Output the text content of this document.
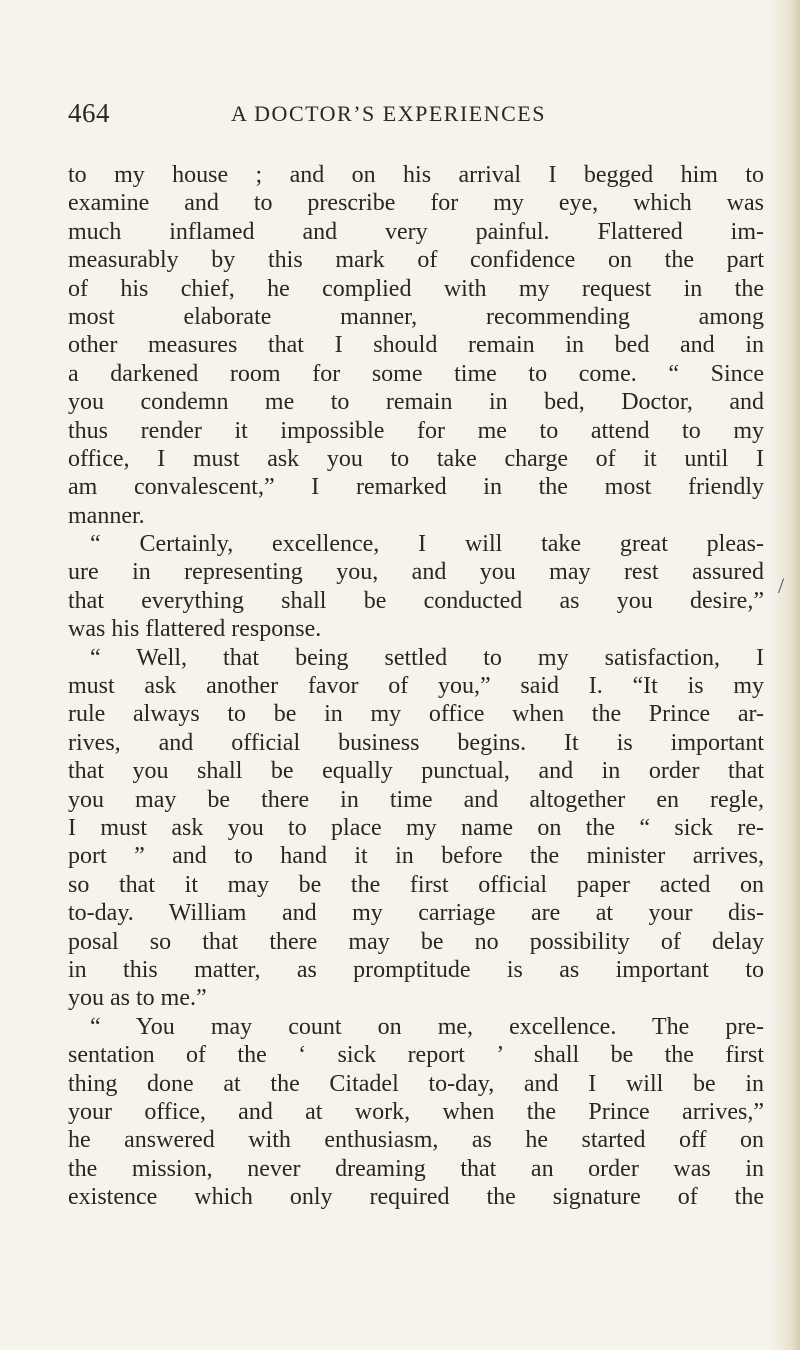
464	A DOCTOR’S EXPERIENCES
to my house ; and on his arrival I begged him to
examine and to prescribe for my eye, which was
much inflamed and very painful. Flattered im-
measurably by this mark of confidence on the part
of his chief, he complied with my request in the
most elaborate manner, recommending among
other measures that I should remain in bed and in
a darkened room for some time to come. “ Since
you condemn me to remain in bed, Doctor, and
thus render it impossible for me to attend to my
office, I must ask you to take charge of it until I
am convalescent,” I remarked in the most friendly
manner.
“ Certainly, excellence, I will take great pleas-
ure in representing you, and you may rest assured
that everything shall be conducted as you desire,”
was his flattered response.
“ Well, that being settled to my satisfaction, I
must ask another favor of you,” said I. “It is my
rule always to be in my office when the Prince ar-
rives, and official business begins. It is important
that you shall be equally punctual, and in order that
you may be there in time and altogether en regle,
I must ask you to place my name on the “ sick re-
port ” and to hand it in before the minister arrives,
so that it may be the first official paper acted on
to-day. William and my carriage are at your dis-
posal so that there may be no possibility of delay
in this matter, as promptitude is as important to
you as to me.”
“ You may count on me, excellence. The pre-
sentation of the ‘ sick report ’ shall be the first
thing done at the Citadel to-day, and I will be in
your office, and at work, when the Prince arrives,”
he answered with enthusiasm, as he started off on
the mission, never dreaming that an order was in
existence which only required the signature of the
/
